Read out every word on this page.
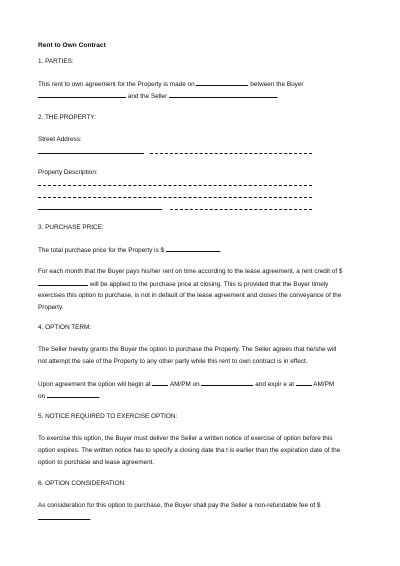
Rent to Own Contract
1. PARTIES:
This rent to own agreement for the Property is made on	between the Buyer
and the Seller	.
2. THE PROPERTY:
Street Address:
Property Description:
3. PURCHASE PRICE:
The total purchase price for the Property is $	.
For each month that the Buyer pays his/her rent on time according to the lease agreement, a rent credit of $
will be applied to the purchase price at closing. This is provided that the Buyer timely
exercises this option to purchase, is not in default of the lease agreement and closes the conveyance of the
Property.
4. OPTION TERM:
The Seller hereby grants the Buyer the option to purchase the Property. The Seller agrees that he/she will
not attempt the sale of the Property to any other party while this rent to own contract is in effect.
Upon agreement the option will begin at	AM/PM on	and expir e at	AM/PM
on	.
5. NOTICE REQUIRED TO EXERCISE OPTION:
To exercise this option, the Buyer must deliver the Seller a written notice of exercise of option before this
option expires. The written notice has to specify a closing date tha t is earlier than the expiration date of the
option to purchase and lease agreement.
6. OPTION CONSIDERATION:
As consideration for this option to purchase, the Buyer shall pay the Seller a non-refundable fee of $
.
